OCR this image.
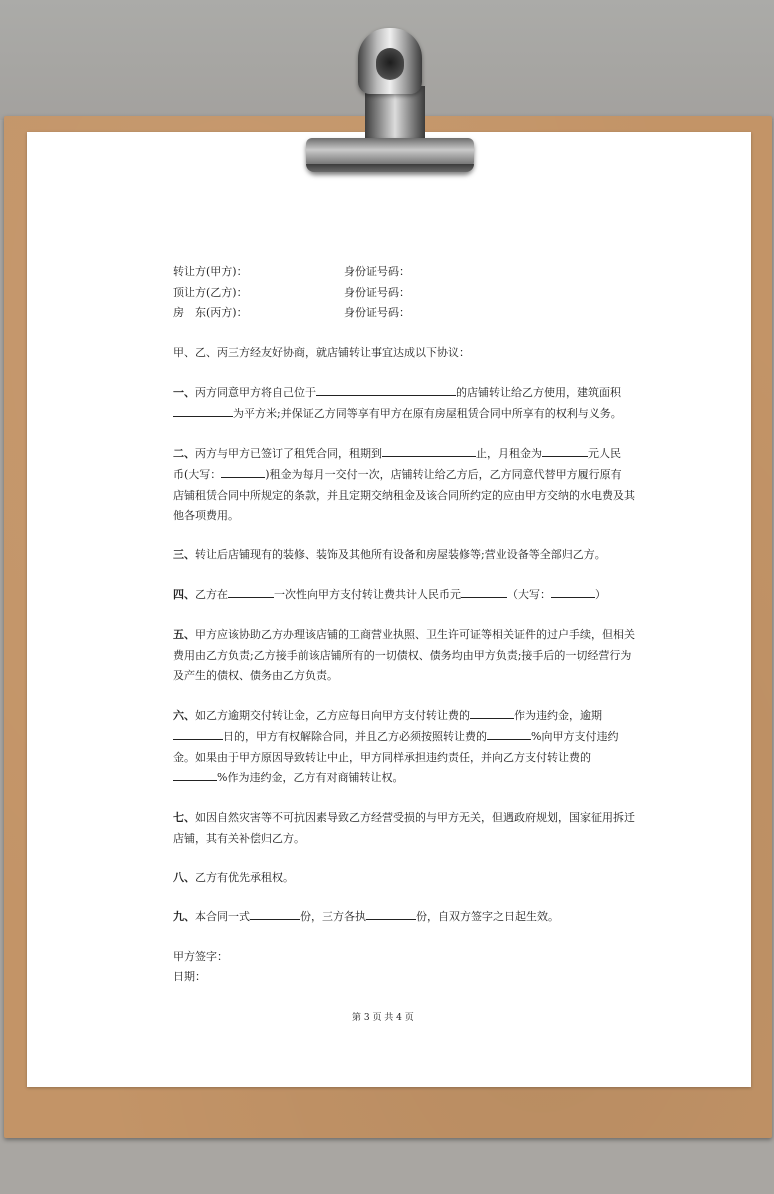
转让方(甲方)：	身份证号码：
顶让方(乙方)：	身份证号码：
房　东(丙方)：	身份证号码：
甲、乙、丙三方经友好协商，就店铺转让事宜达成以下协议：
一、丙方同意甲方将自己位于	的店铺转让给乙方使用，建筑面积
为平方米;并保证乙方同等享有甲方在原有房屋租赁合同中所享有的权利与义务。
二、丙方与甲方已签订了租凭合同，租期到	止，月租金为	元人民
币(大写：	)租金为每月一交付一次，店铺转让给乙方后，乙方同意代替甲方履行原有
店铺租赁合同中所规定的条款，并且定期交纳租金及该合同所约定的应由甲方交纳的水电费及其
他各项费用。
三、转让后店铺现有的装修、装饰及其他所有设备和房屋装修等;营业设备等全部归乙方。
四、乙方在	一次性向甲方支付转让费共计人民币元	（大写：	）
五、甲方应该协助乙方办理该店铺的工商营业执照、卫生许可证等相关证件的过户手续，但相关
费用由乙方负责;乙方接手前该店铺所有的一切债权、债务均由甲方负责;接手后的一切经营行为
及产生的债权、债务由乙方负责。
六、如乙方逾期交付转让金，乙方应每日向甲方支付转让费的	作为违约金，逾期
日的，甲方有权解除合同，并且乙方必须按照转让费的	%向甲方支付违约
金。如果由于甲方原因导致转让中止，甲方同样承担违约责任，并向乙方支付转让费的
%作为违约金，乙方有对商铺转让权。
七、如因自然灾害等不可抗因素导致乙方经营受损的与甲方无关，但遇政府规划，国家征用拆迁
店铺，其有关补偿归乙方。
八、乙方有优先承租权。
九、本合同一式	份，三方各执	份，自双方签字之日起生效。
甲方签字：
日期：
第 3 页 共 4 页
